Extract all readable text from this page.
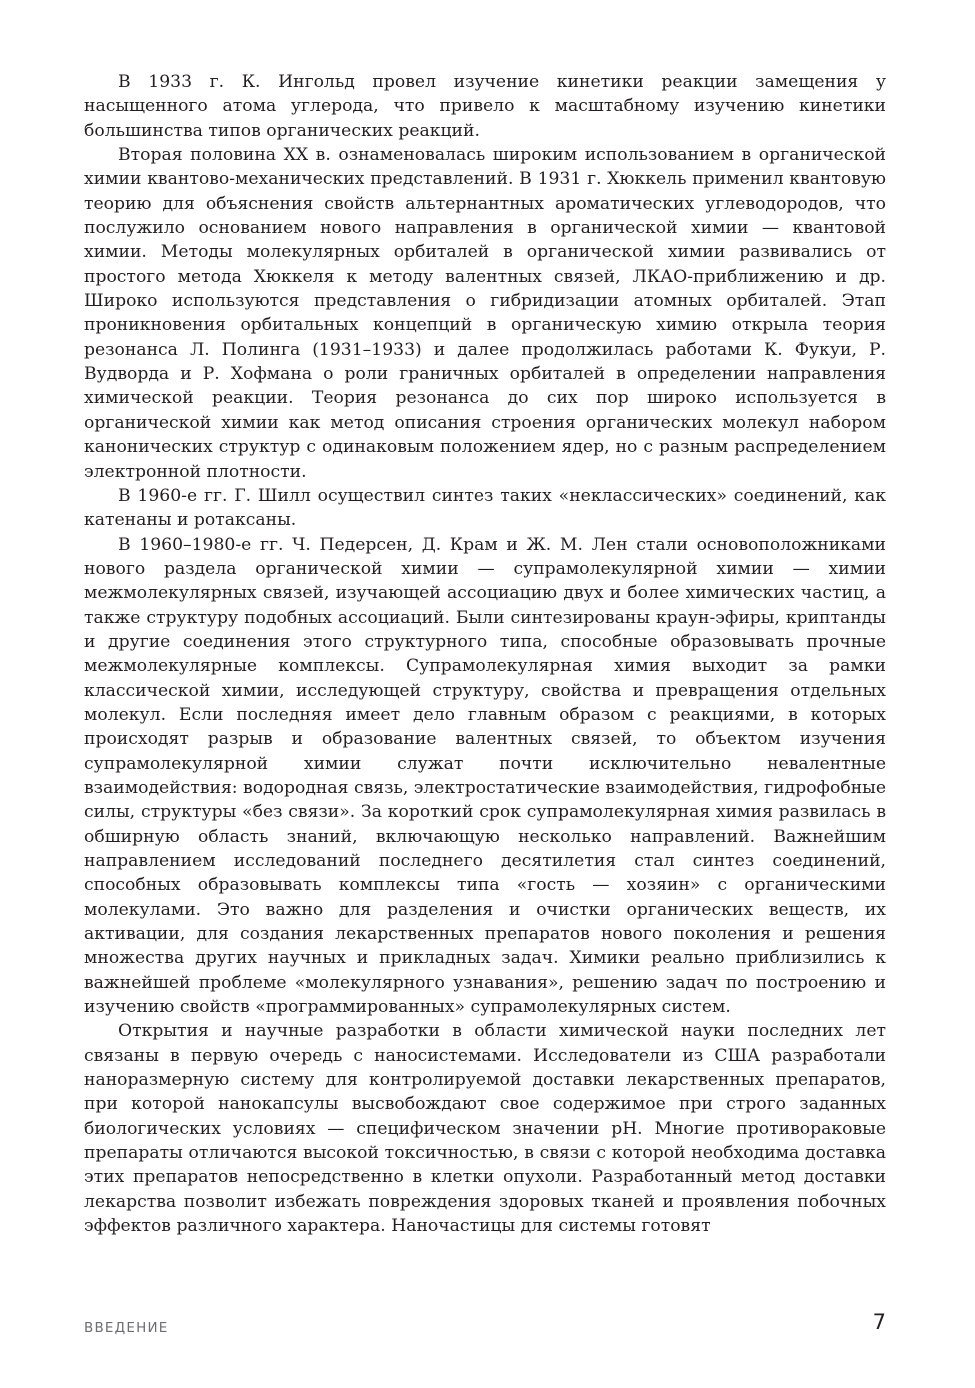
В 1933 г. К. Ингольд провел изучение кинетики реакции замещения у насыщенного атома углерода, что привело к масштабному изучению кинетики большинства типов органических реакций.

Вторая половина XX в. ознаменовалась широким использованием в органической химии квантово-механических представлений. В 1931 г. Хюккель применил квантовую теорию для объяснения свойств альтернантных ароматических углеводородов, что послужило основанием нового направления в органической химии — квантовой химии. Методы молекулярных орбиталей в органической химии развивались от простого метода Хюккеля к методу валентных связей, ЛКАО-приближению и др. Широко используются представления о гибридизации атомных орбиталей. Этап проникновения орбитальных концепций в органическую химию открыла теория резонанса Л. Полинга (1931–1933) и далее продолжилась работами К. Фукуи, Р. Вудворда и Р. Хофмана о роли граничных орбиталей в определении направления химической реакции. Теория резонанса до сих пор широко используется в органической химии как метод описания строения органических молекул набором канонических структур с одинаковым положением ядер, но с разным распределением электронной плотности.

В 1960-е гг. Г. Шилл осуществил синтез таких «неклассических» соединений, как катенаны и ротаксаны.

В 1960–1980-е гг. Ч. Педерсен, Д. Крам и Ж. М. Лен стали основоположниками нового раздела органической химии — супрамолекулярной химии — химии межмолекулярных связей, изучающей ассоциацию двух и более химических частиц, а также структуру подобных ассоциаций. Были синтезированы краун-эфиры, криптанды и другие соединения этого структурного типа, способные образовывать прочные межмолекулярные комплексы. Супрамолекулярная химия выходит за рамки классической химии, исследующей структуру, свойства и превращения отдельных молекул. Если последняя имеет дело главным образом с реакциями, в которых происходят разрыв и образование валентных связей, то объектом изучения супрамолекулярной химии служат почти исключительно невалентные взаимодействия: водородная связь, электростатические взаимодействия, гидрофобные силы, структуры «без связи». За короткий срок супрамолекулярная химия развилась в обширную область знаний, включающую несколько направлений. Важнейшим направлением исследований последнего десятилетия стал синтез соединений, способных образовывать комплексы типа «гость — хозяин» с органическими молекулами. Это важно для разделения и очистки органических веществ, их активации, для создания лекарственных препаратов нового поколения и решения множества других научных и прикладных задач. Химики реально приблизились к важнейшей проблеме «молекулярного узнавания», решению задач по построению и изучению свойств «программированных» супрамолекулярных систем.

Открытия и научные разработки в области химической науки последних лет связаны в первую очередь с наносистемами. Исследователи из США разработали наноразмерную систему для контролируемой доставки лекарственных препаратов, при которой нанокапсулы высвобождают свое содержимое при строго заданных биологических условиях — специфическом значении pH. Многие противораковые препараты отличаются высокой токсичностью, в связи с которой необходима доставка этих препаратов непосредственно в клетки опухоли. Разработанный метод доставки лекарства позволит избежать повреждения здоровых тканей и проявления побочных эффектов различного характера. Наночастицы для системы готовят

ВВЕДЕНИЕ	7
